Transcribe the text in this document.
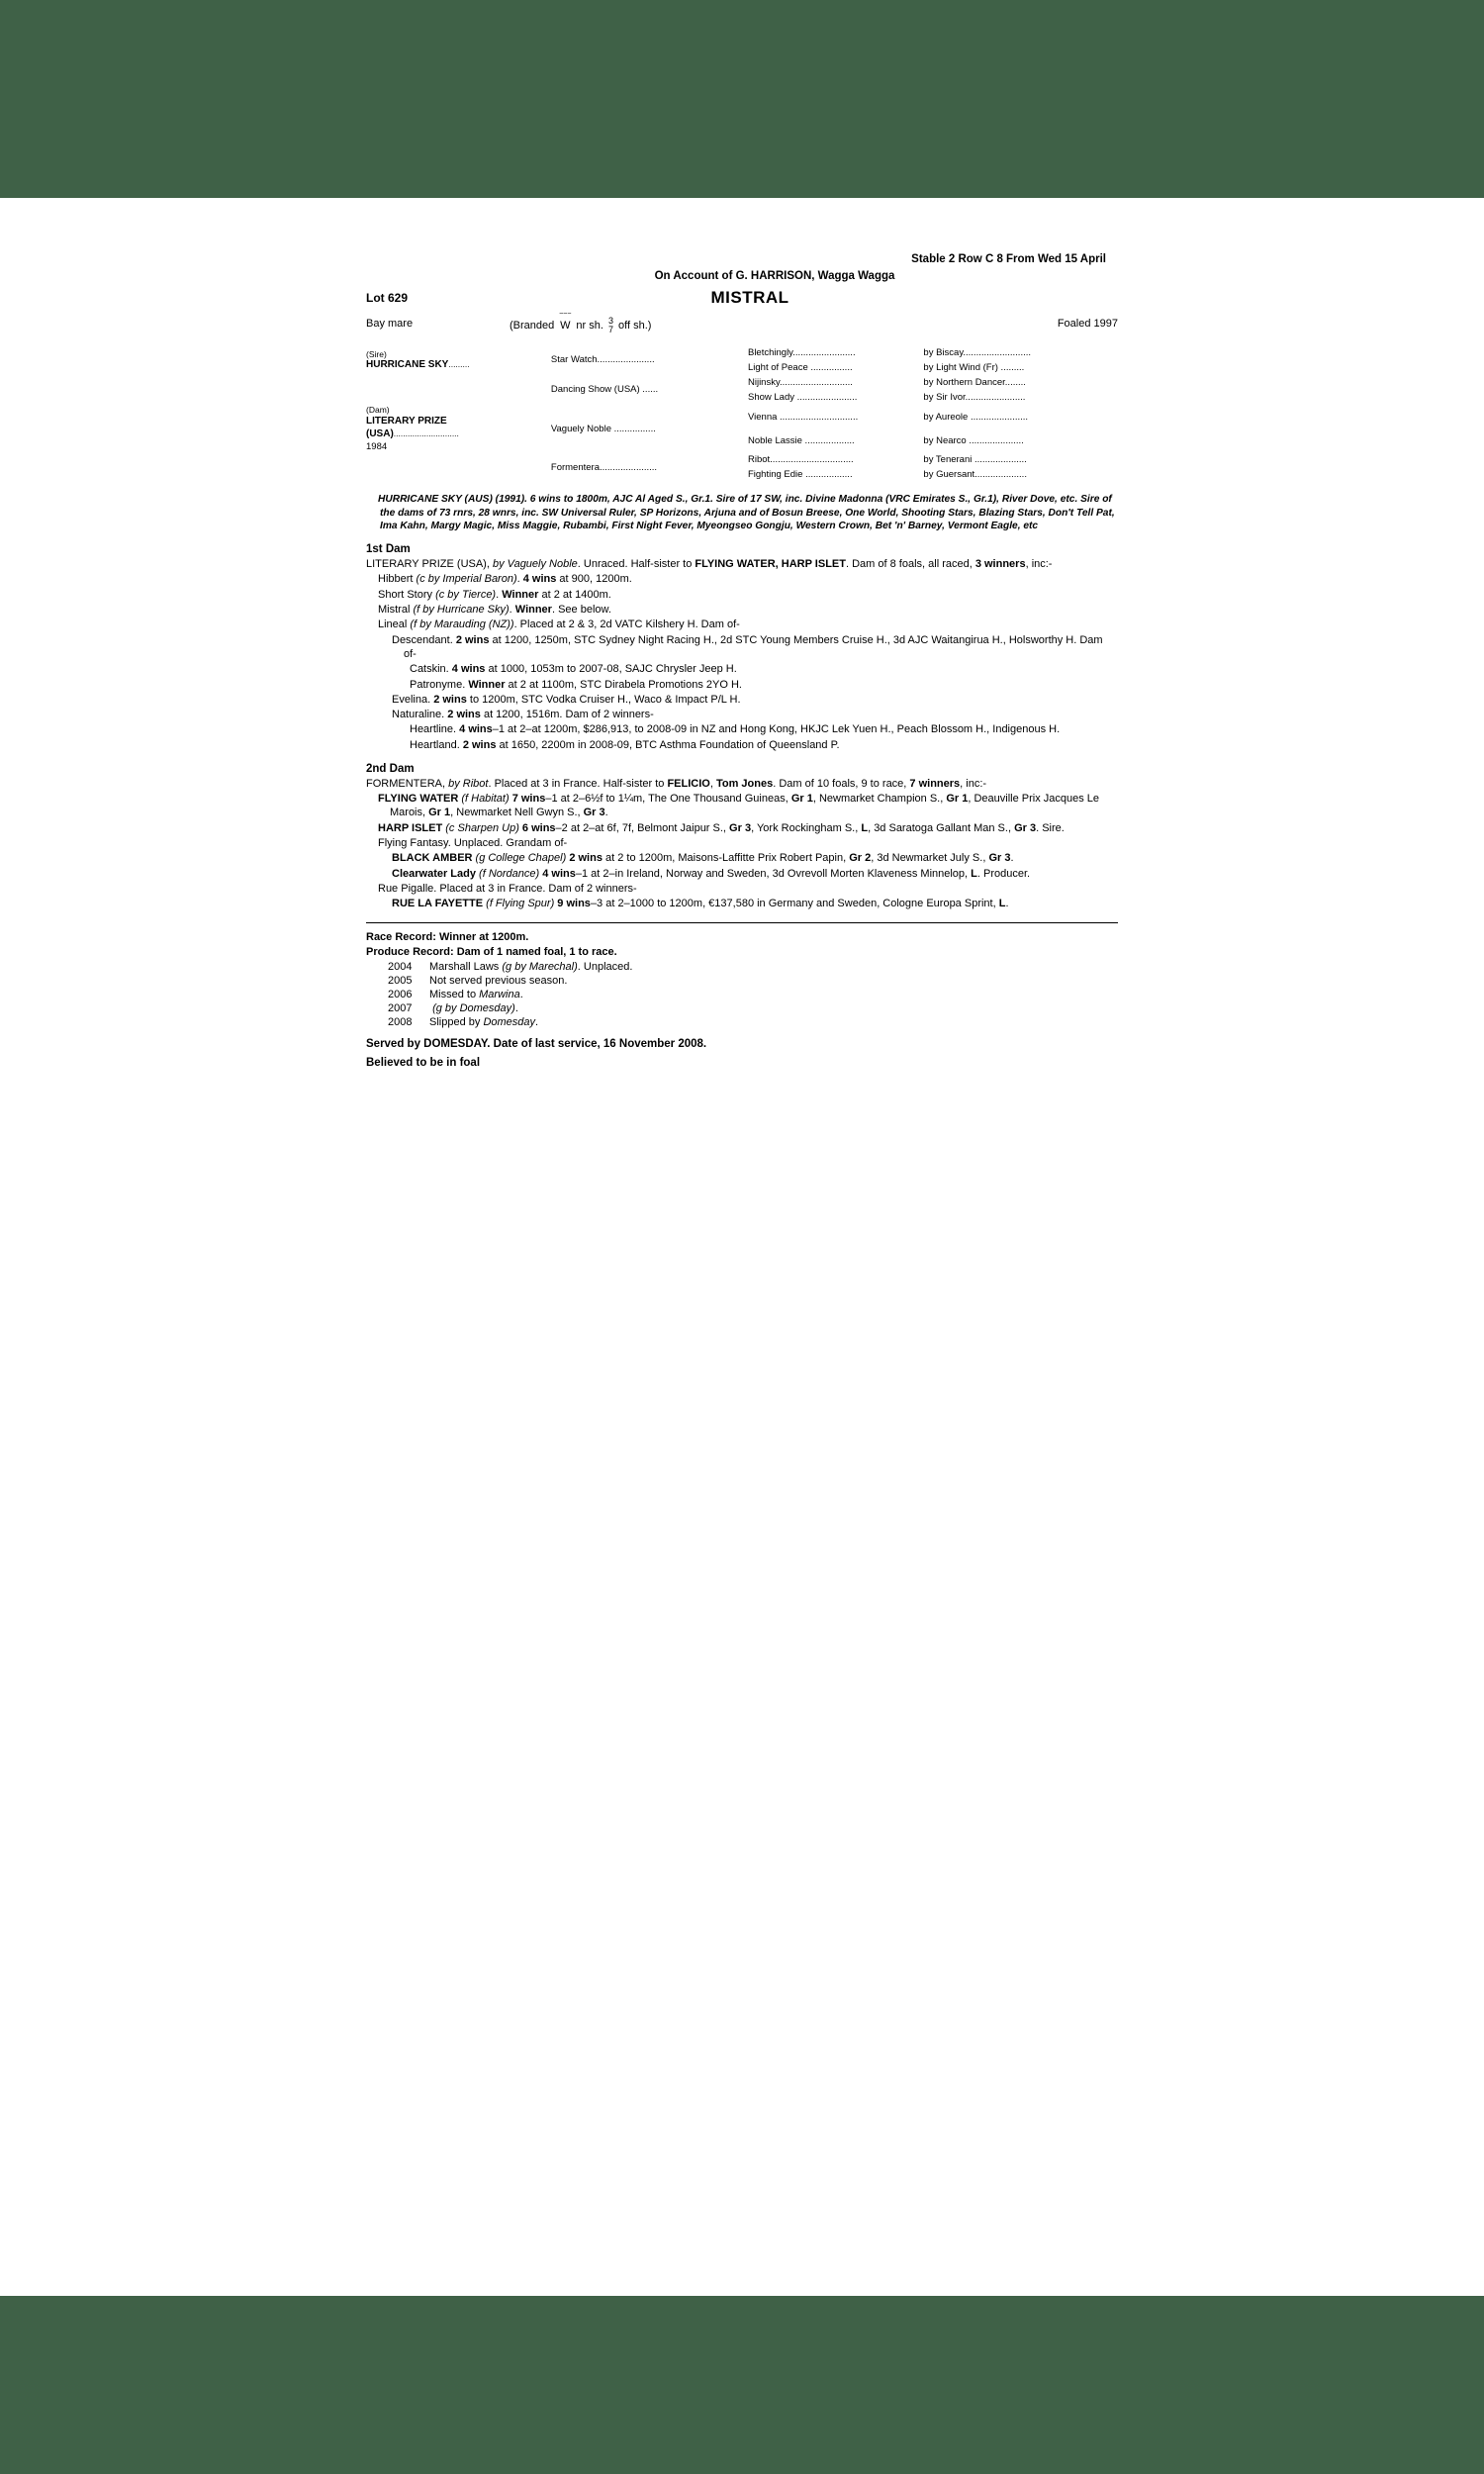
Stable 2 Row C 8 From Wed 15 April
On Account of G. HARRISON, Wagga Wagga
Lot 629	MISTRAL
Bay mare	(Branded
~~~
W nr sh. 3
7 off sh.)	Foaled 1997
(Sire)
HURRICANE SKY.........	Star Watch......................	Bletchingly........................	by Biscay..........................
		Light of Peace ................	by Light Wind (Fr) .........
	Dancing Show (USA) ......	Nijinsky............................	by Northern Dancer........
		Show Lady .......................	by Sir Ivor.......................

(Dam)
LITERARY PRIZE
(USA)............................
1984	Vaguely Noble ................	Vienna ..............................	by Aureole ......................
		Noble Lassie ...................	by Nearco .....................
	Formentera......................	Ribot................................	by Tenerani ....................
		Fighting Edie ..................	by Guersant....................
HURRICANE SKY (AUS) (1991). 6 wins to 1800m, AJC Al Aged S., Gr.1. Sire of 17 SW, inc. Divine Madonna (VRC Emirates S., Gr.1), River Dove, etc. Sire of the dams of 73 rnrs, 28 wnrs, inc. SW Universal Ruler, SP Horizons, Arjuna and of Bosun Breese, One World, Shooting Stars, Blazing Stars, Don't Tell Pat, Ima Kahn, Margy Magic, Miss Maggie, Rubambi, First Night Fever, Myeongseo Gongju, Western Crown, Bet 'n' Barney, Vermont Eagle, etc
1st Dam
LITERARY PRIZE (USA), by Vaguely Noble. Unraced. Half-sister to FLYING WATER, HARP ISLET. Dam of 8 foals, all raced, 3 winners, inc:-
Hibbert (c by Imperial Baron). 4 wins at 900, 1200m.
Short Story (c by Tierce). Winner at 2 at 1400m.
Mistral (f by Hurricane Sky). Winner. See below.
Lineal (f by Marauding (NZ)). Placed at 2 & 3, 2d VATC Kilshery H. Dam of-
Descendant. 2 wins at 1200, 1250m, STC Sydney Night Racing H., 2d STC Young Members Cruise H., 3d AJC Waitangirua H., Holsworthy H. Dam of-
Catskin. 4 wins at 1000, 1053m to 2007-08, SAJC Chrysler Jeep H.
Patronyme. Winner at 2 at 1100m, STC Dirabela Promotions 2YO H.
Evelina. 2 wins to 1200m, STC Vodka Cruiser H., Waco & Impact P/L H.
Naturaline. 2 wins at 1200, 1516m. Dam of 2 winners-
Heartline. 4 wins–1 at 2–at 1200m, $286,913, to 2008-09 in NZ and Hong Kong, HKJC Lek Yuen H., Peach Blossom H., Indigenous H.
Heartland. 2 wins at 1650, 2200m in 2008-09, BTC Asthma Foundation of Queensland P.
2nd Dam
FORMENTERA, by Ribot. Placed at 3 in France. Half-sister to FELICIO, Tom Jones. Dam of 10 foals, 9 to race, 7 winners, inc:-
FLYING WATER (f Habitat) 7 wins–1 at 2–6½f to 1¼m, The One Thousand Guineas, Gr 1, Newmarket Champion S., Gr 1, Deauville Prix Jacques Le Marois, Gr 1, Newmarket Nell Gwyn S., Gr 3.
HARP ISLET (c Sharpen Up) 6 wins–2 at 2–at 6f, 7f, Belmont Jaipur S., Gr 3, York Rockingham S., L, 3d Saratoga Gallant Man S., Gr 3. Sire.
Flying Fantasy. Unplaced. Grandam of-
BLACK AMBER (g College Chapel) 2 wins at 2 to 1200m, Maisons-Laffitte Prix Robert Papin, Gr 2, 3d Newmarket July S., Gr 3.
Clearwater Lady (f Nordance) 4 wins–1 at 2–in Ireland, Norway and Sweden, 3d Ovrevoll Morten Klaveness Minnelop, L. Producer.
Rue Pigalle. Placed at 3 in France. Dam of 2 winners-
RUE LA FAYETTE (f Flying Spur) 9 wins–3 at 2–1000 to 1200m, €137,580 in Germany and Sweden, Cologne Europa Sprint, L.
Race Record: Winner at 1200m.
Produce Record: Dam of 1 named foal, 1 to race.
2004 Marshall Laws (g by Marechal). Unplaced.
2005 Not served previous season.
2006 Missed to Marwina.
2007 (g by Domesday).
2008 Slipped by Domesday.
Served by DOMESDAY. Date of last service, 16 November 2008.
Believed to be in foal
